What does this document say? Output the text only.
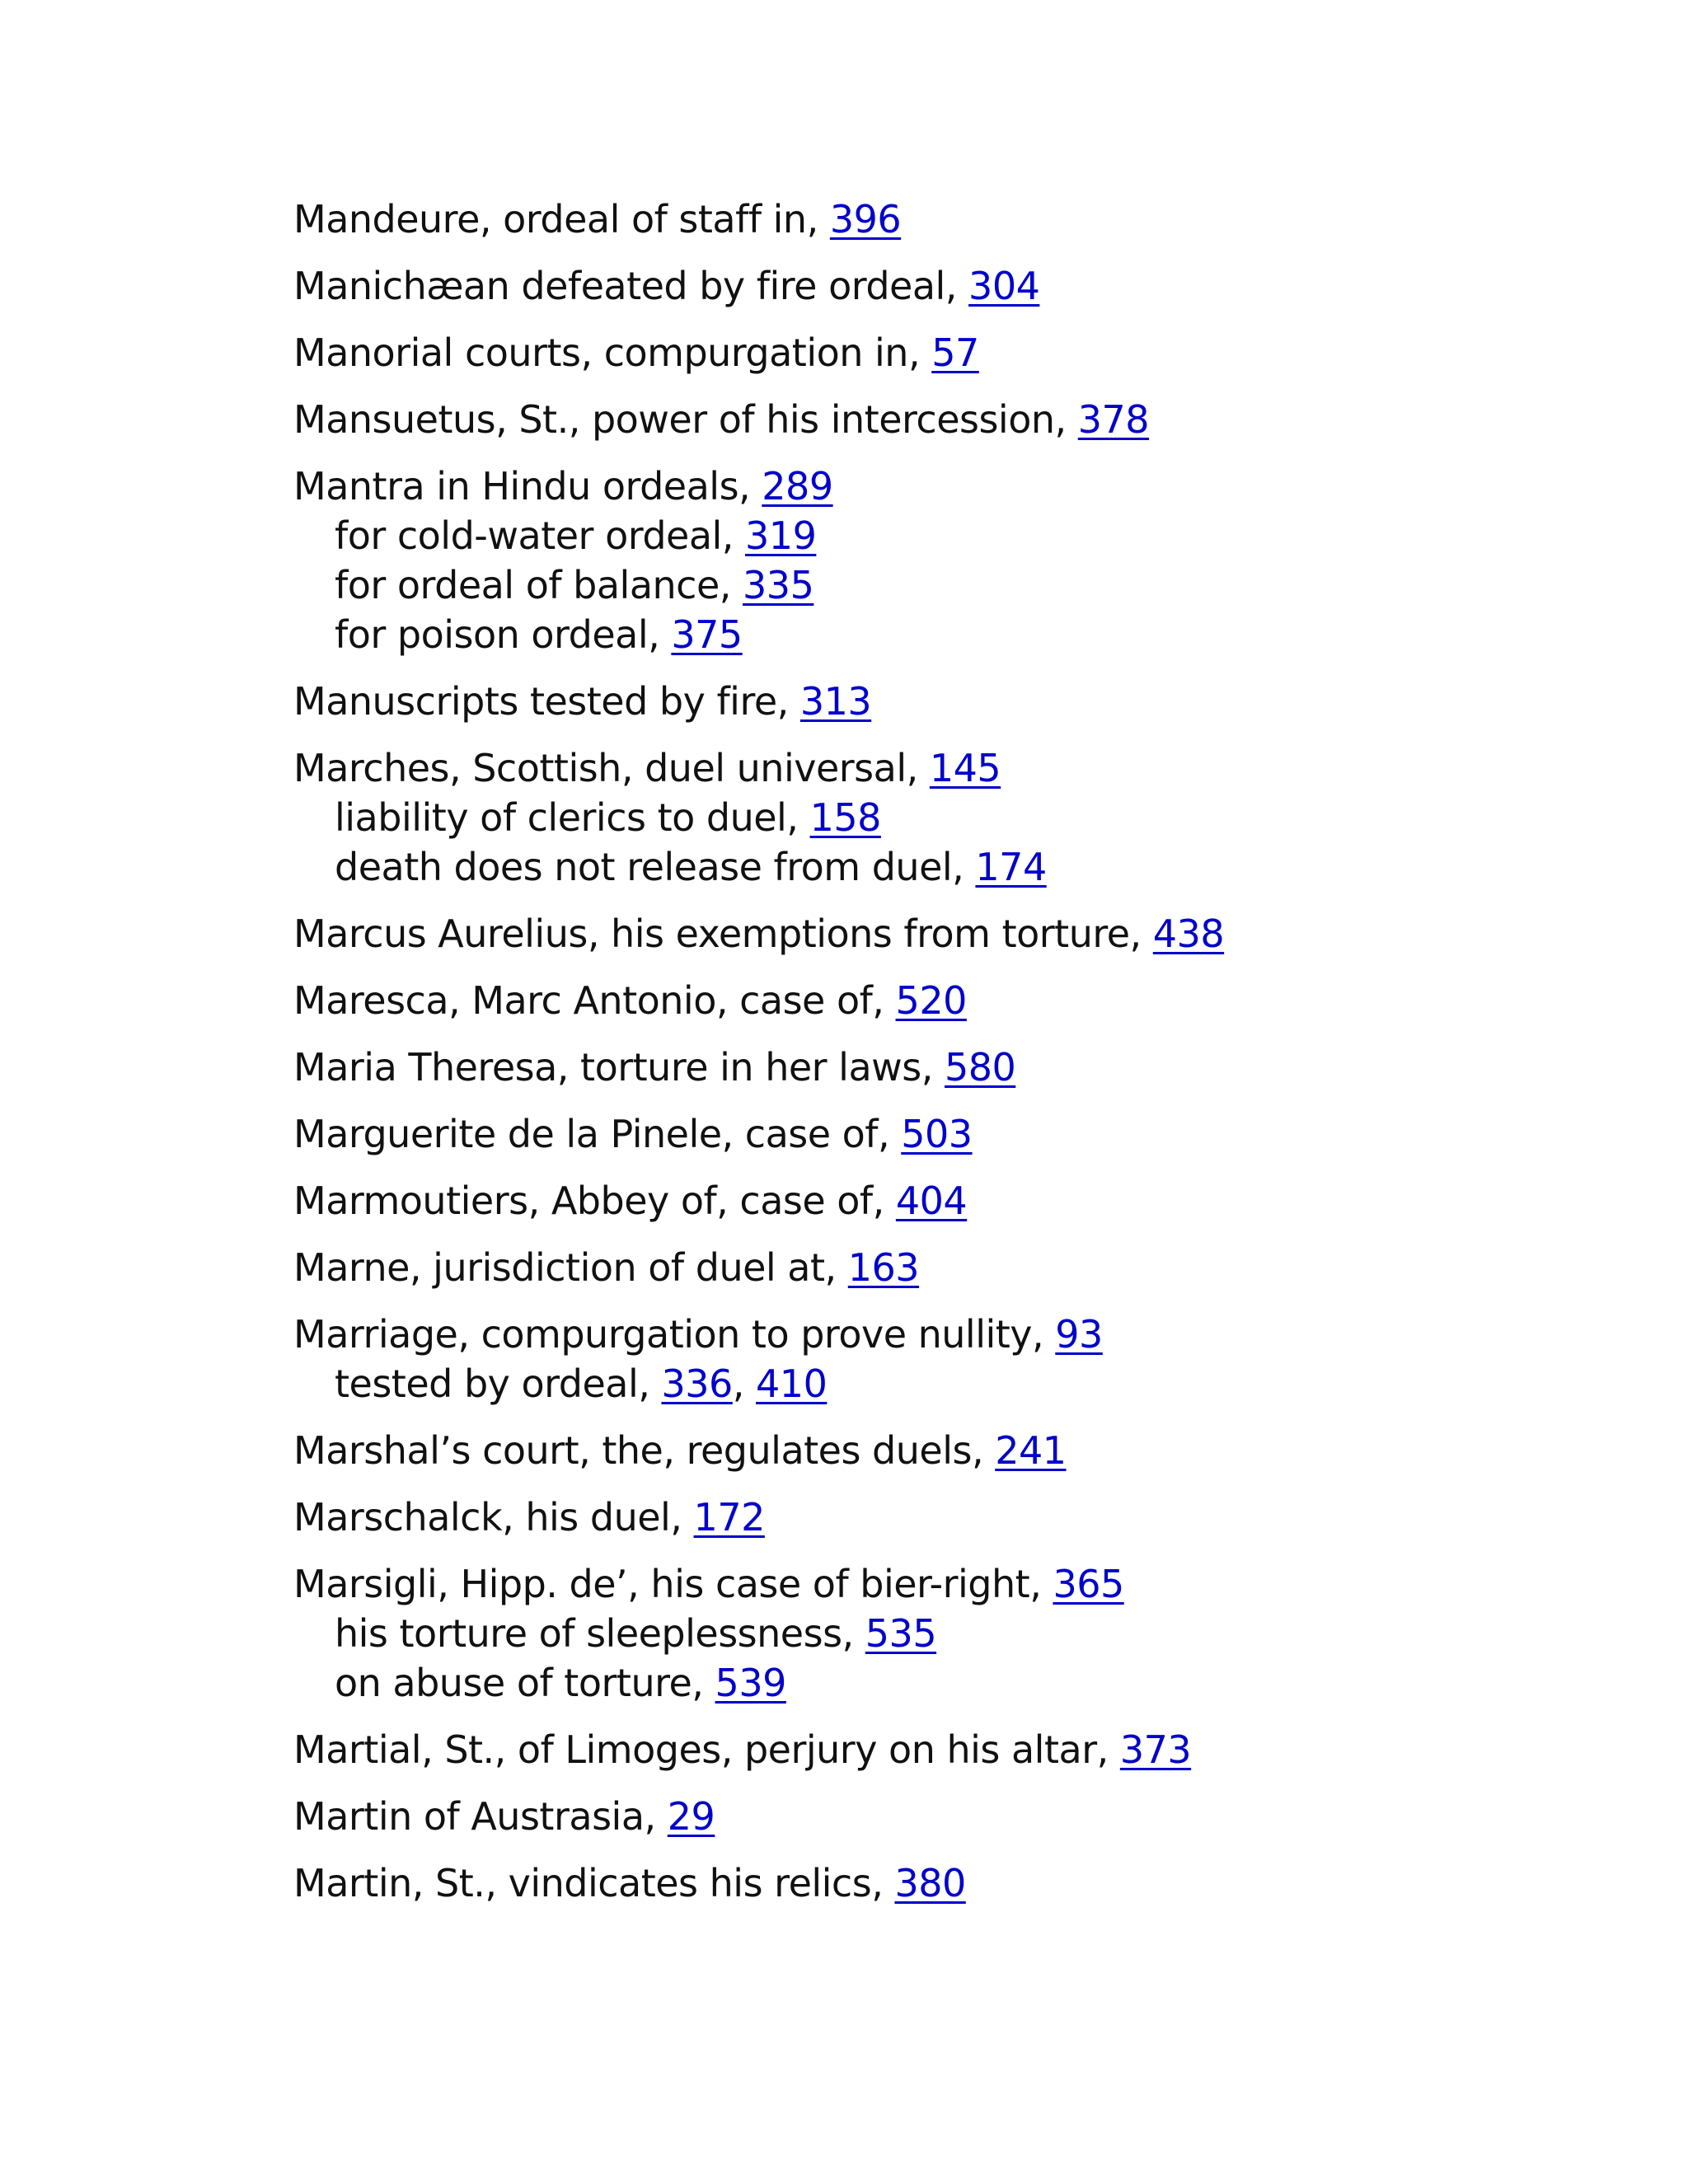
Mandeure, ordeal of staff in, 396
Manichæan defeated by fire ordeal, 304
Manorial courts, compurgation in, 57
Mansuetus, St., power of his intercession, 378
Mantra in Hindu ordeals, 289
for cold-water ordeal, 319
for ordeal of balance, 335
for poison ordeal, 375
Manuscripts tested by fire, 313
Marches, Scottish, duel universal, 145
liability of clerics to duel, 158
death does not release from duel, 174
Marcus Aurelius, his exemptions from torture, 438
Maresca, Marc Antonio, case of, 520
Maria Theresa, torture in her laws, 580
Marguerite de la Pinele, case of, 503
Marmoutiers, Abbey of, case of, 404
Marne, jurisdiction of duel at, 163
Marriage, compurgation to prove nullity, 93
tested by ordeal, 336, 410
Marshal’s court, the, regulates duels, 241
Marschalck, his duel, 172
Marsigli, Hipp. de’, his case of bier-right, 365
his torture of sleeplessness, 535
on abuse of torture, 539
Martial, St., of Limoges, perjury on his altar, 373
Martin of Austrasia, 29
Martin, St., vindicates his relics, 380
